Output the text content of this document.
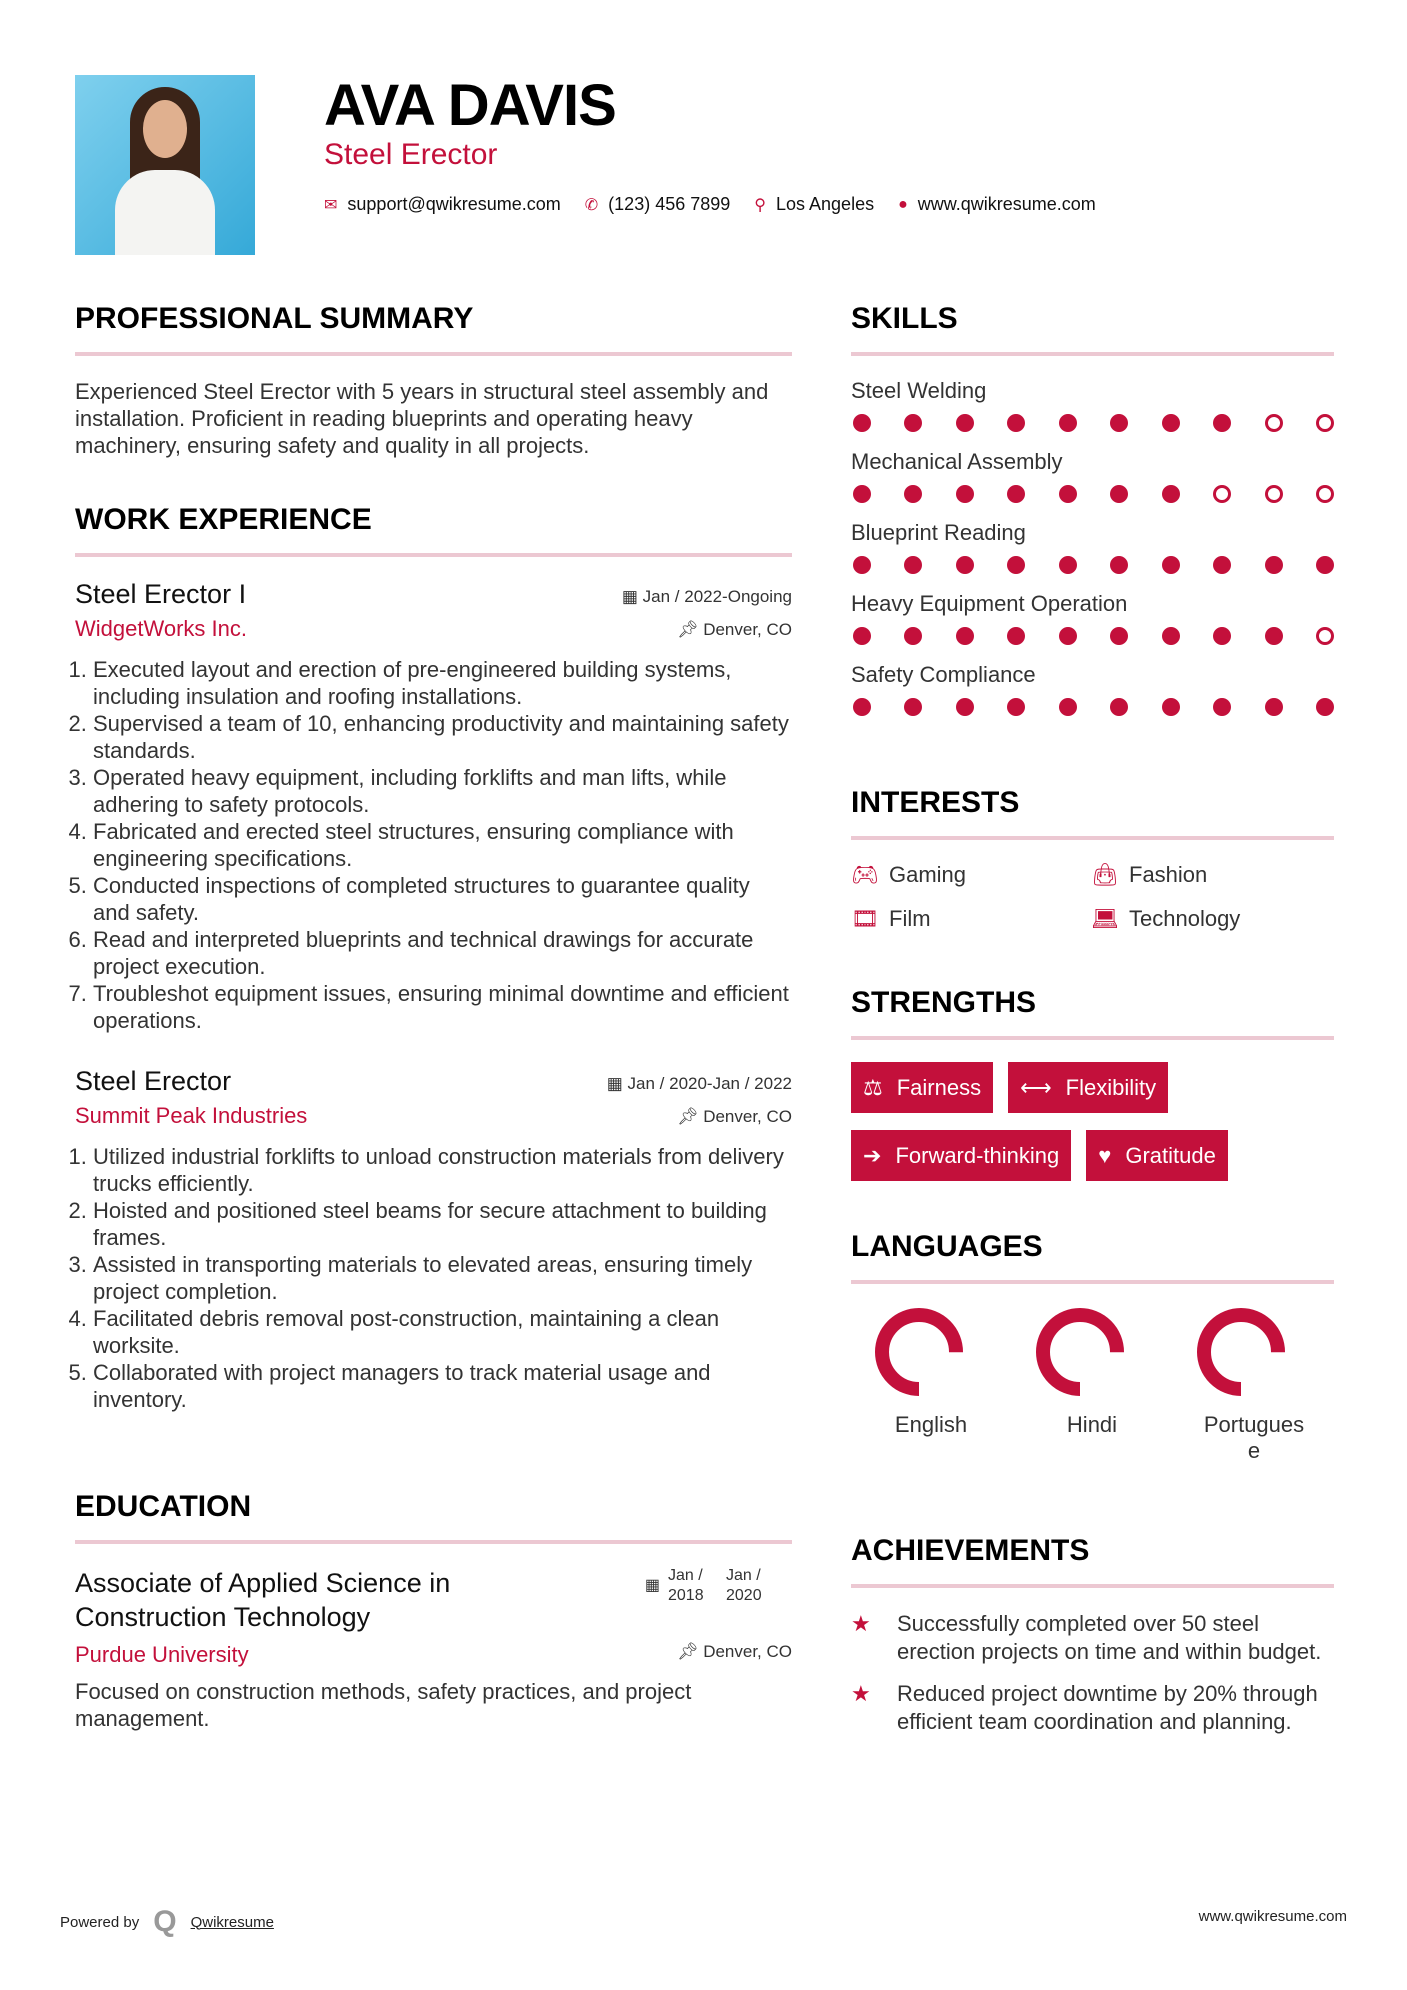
AVA DAVIS
Steel Erector
✉ support@qwikresume.com ✆ (123) 456 7899 ⚲ Los Angeles ● www.qwikresume.com
PROFESSIONAL SUMMARY

Experienced Steel Erector with 5 years in structural steel assembly and installation. Proficient in reading blueprints and operating heavy machinery, ensuring safety and quality in all projects.

WORK EXPERIENCE
Steel Erector I	▦ Jan / 2022-Ongoing
WidgetWorks Inc.	📌︎ Denver, CO
1. Executed layout and erection of pre-engineered building systems, including insulation and roofing installations.
2. Supervised a team of 10, enhancing productivity and maintaining safety standards.
3. Operated heavy equipment, including forklifts and man lifts, while adhering to safety protocols.
4. Fabricated and erected steel structures, ensuring compliance with engineering specifications.
5. Conducted inspections of completed structures to guarantee quality and safety.
6. Read and interpreted blueprints and technical drawings for accurate project execution.
7. Troubleshot equipment issues, ensuring minimal downtime and efficient operations.
Steel Erector	▦ Jan / 2020-Jan / 2022
Summit Peak Industries	📌︎ Denver, CO
1. Utilized industrial forklifts to unload construction materials from delivery trucks efficiently.
2. Hoisted and positioned steel beams for secure attachment to building frames.
3. Assisted in transporting materials to elevated areas, ensuring timely project completion.
4. Facilitated debris removal post-construction, maintaining a clean worksite.
5. Collaborated with project managers to track material usage and inventory.
EDUCATION
Associate of Applied Science in Construction Technology
▦
Jan / 2018
Jan / 2020
Purdue University	📌︎ Denver, CO

Focused on construction methods, safety practices, and project management.

SKILLS
Steel Welding
Mechanical Assembly
Blueprint Reading
Heavy Equipment Operation
Safety Compliance
INTERESTS
🎮︎ Gaming	👜︎ Fashion
🎞︎ Film	💻︎ Technology
STRENGTHS
⚖ Fairness ⟷ Flexibility
➔ Forward-thinking ♥ Gratitude
LANGUAGES
English	Hindi	Portuguese
ACHIEVEMENTS
★	Successfully completed over 50 steel erection projects on time and within budget.
★	Reduced project downtime by 20% through efficient team coordination and planning.
Powered by Q Qwikresume	www.qwikresume.com
